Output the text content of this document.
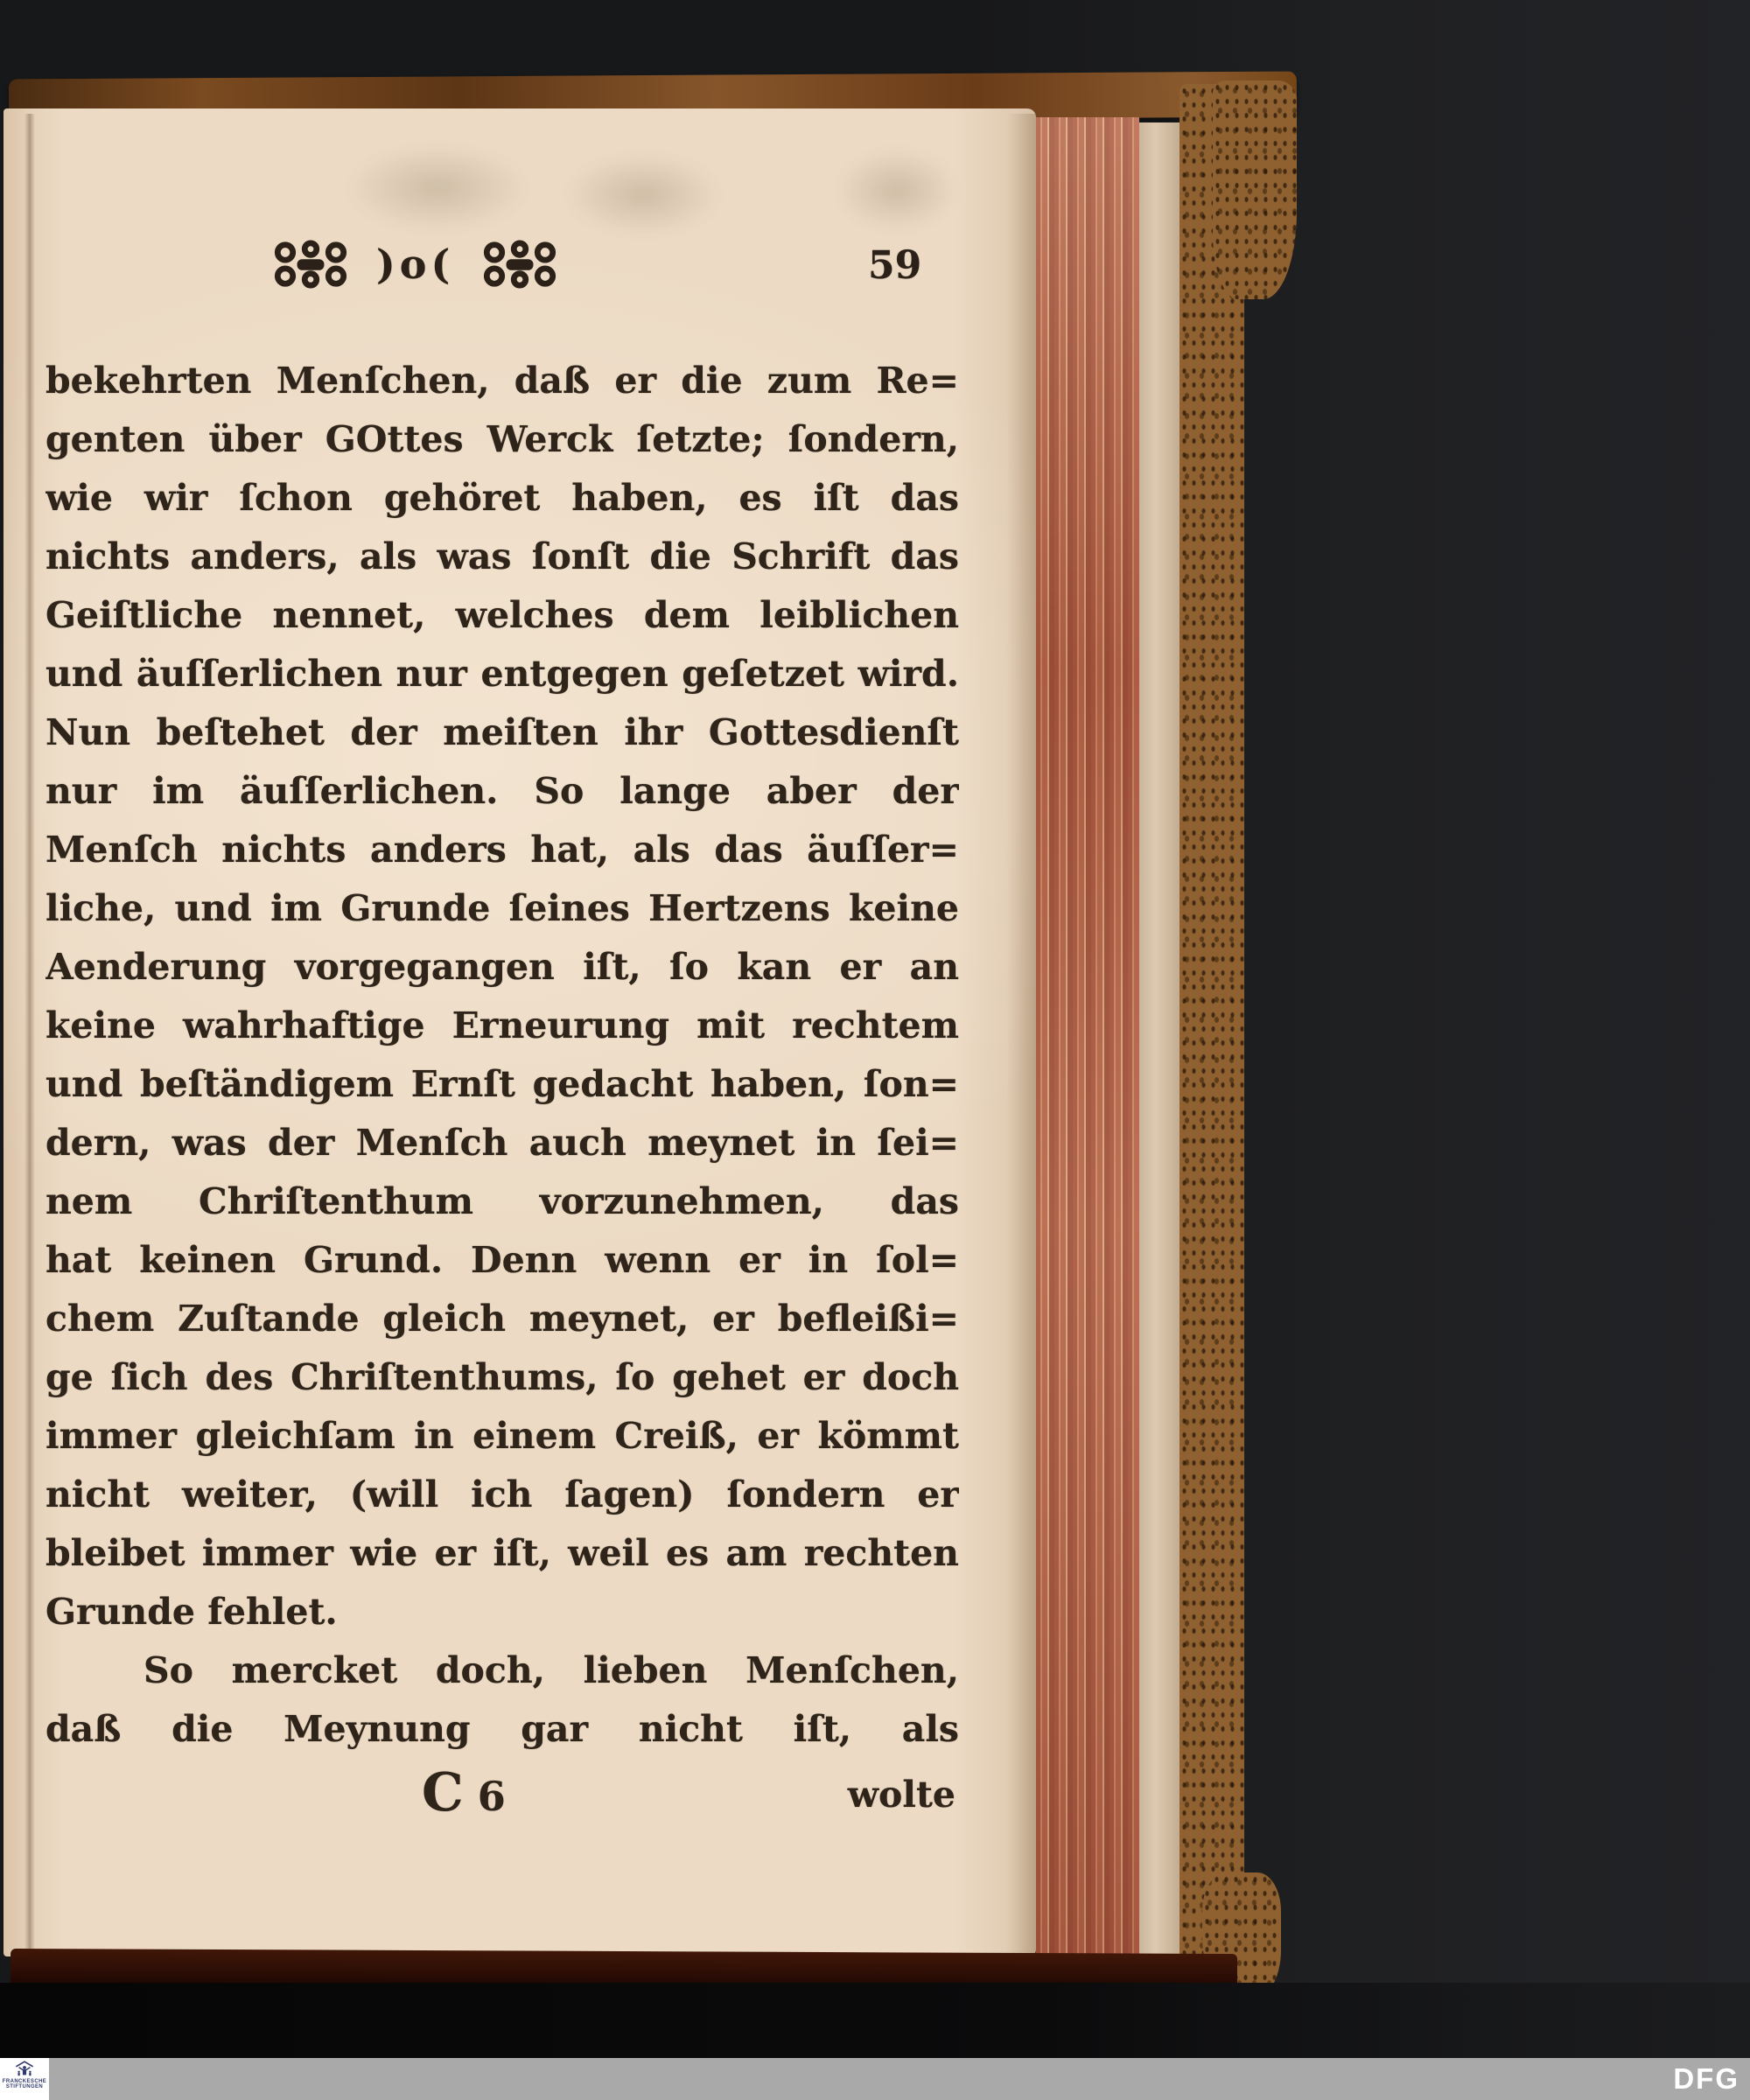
)o(	59
bekehrten Menſchen, daß er die zum Re=
genten über GOttes Werck ſetzte; ſondern,
wie wir ſchon gehöret haben, es iſt das
nichts anders, als was ſonſt die Schrift das
Geiſtliche nennet, welches dem leiblichen
und äuſſerlichen nur entgegen geſetzet wird.
Nun beſtehet der meiſten ihr Gottesdienſt
nur im äuſſerlichen. So lange aber der
Menſch nichts anders hat, als das äuſſer=
liche, und im Grunde ſeines Hertzens keine
Aenderung vorgegangen iſt, ſo kan er an
keine wahrhaftige Erneurung mit rechtem
und beſtändigem Ernſt gedacht haben, ſon=
dern, was der Menſch auch meynet in ſei=
nem Chriſtenthum vorzunehmen, das
hat keinen Grund. Denn wenn er in ſol=
chem Zuſtande gleich meynet, er befleißi=
ge ſich des Chriſtenthums, ſo gehet er doch
immer gleichſam in einem Creiß, er kömmt
nicht weiter, (will ich ſagen) ſondern er
bleibet immer wie er iſt, weil es am rechten
Grunde fehlet.
So mercket doch, lieben Menſchen,
daß die Meynung gar nicht iſt, als
C 6	wolte
FRANCKESCHE
STIFTUNGEN	DFG
